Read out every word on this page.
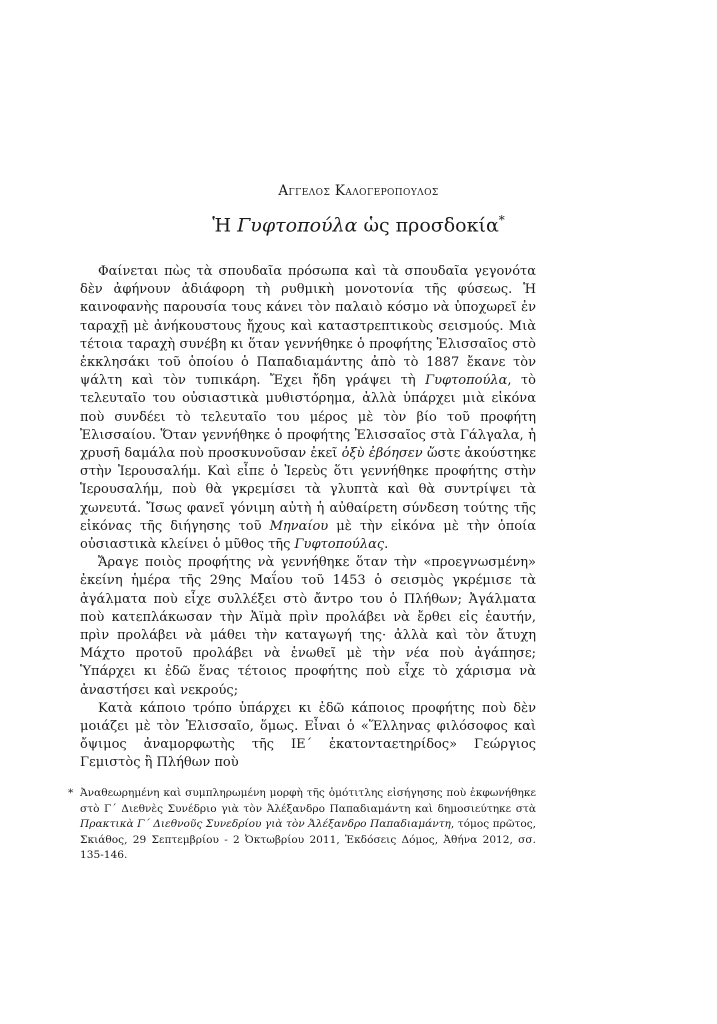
Αγγελος Καλογεροπουλος
Ἡ Γυφτοπούλα ὡς προσδοκία*

Φαίνεται πὼς τὰ σπουδαῖα πρόσωπα καὶ τὰ σπουδαῖα γεγονότα δὲν ἀφήνουν ἀδιάφορη τὴ ρυθμικὴ μονοτονία τῆς φύσεως. Ἡ καινοφανὴς παρουσία τους κάνει τὸν παλαιὸ κόσμο νὰ ὑποχωρεῖ ἐν ταραχῇ μὲ ἀνήκουστους ἤχους καὶ καταστρεπτικοὺς σεισμούς. Μιὰ τέτοια ταραχὴ συνέβη κι ὅταν γεννήθηκε ὁ προφήτης Ἐλισσαῖος στὸ ἐκκλησάκι τοῦ ὁποίου ὁ Παπαδιαμάντης ἀπὸ τὸ 1887 ἔκανε τὸν ψάλτη καὶ τὸν τυπικάρη. Ἔχει ἤδη γράψει τὴ Γυφτοπούλα, τὸ τελευταῖο του οὐσιαστικὰ μυθιστόρημα, ἀλλὰ ὑπάρχει μιὰ εἰκόνα ποὺ συνδέει τὸ τελευταῖο του μέρος μὲ τὸν βίο τοῦ προφήτη Ἐλισσαίου. Ὅταν γεννήθηκε ὁ προφήτης Ἐλισσαῖος στὰ Γάλγαλα, ἡ χρυσῆ δαμάλα ποὺ προσκυνοῦσαν ἐκεῖ ὀξὺ ἐβόησεν ὥστε ἀκούστηκε στὴν Ἱερουσαλήμ. Καὶ εἶπε ὁ Ἱερεὺς ὅτι γεννήθηκε προφήτης στὴν Ἱερουσαλήμ, ποὺ θὰ γκρεμίσει τὰ γλυπτὰ καὶ θὰ συντρίψει τὰ χωνευτά. Ἴσως φανεῖ γόνιμη αὐτὴ ἡ αὐθαίρετη σύνδεση τούτης τῆς εἰκόνας τῆς διήγησης τοῦ Μηναίου μὲ τὴν εἰκόνα μὲ τὴν ὁποία οὐσιαστικὰ κλείνει ὁ μῦθος τῆς Γυφτοπούλας.

Ἄραγε ποιὸς προφήτης νὰ γεννήθηκε ὅταν τὴν «προεγνωσμένη» ἐκείνη ἡμέρα τῆς 29ης Μαΐου τοῦ 1453 ὁ σεισμὸς γκρέμισε τὰ ἀγάλματα ποὺ εἶχε συλλέξει στὸ ἄντρο του ὁ Πλήθων; Ἀγάλματα ποὺ κατεπλάκωσαν τὴν Ἀϊμὰ πρὶν προλάβει νὰ ἔρθει εἰς ἑαυτήν, πρὶν προλάβει νὰ μάθει τὴν καταγωγή της· ἀλλὰ καὶ τὸν ἄτυχη Μάχτο προτοῦ προλάβει νὰ ἑνωθεῖ μὲ τὴν νέα ποὺ ἀγάπησε; Ὑπάρχει κι ἐδῶ ἕνας τέτοιος προφήτης ποὺ εἶχε τὸ χάρισμα νὰ ἀναστήσει καὶ νεκρούς;

Κατὰ κάποιο τρόπο ὑπάρχει κι ἐδῶ κάποιος προφήτης ποὺ δὲν μοιάζει μὲ τὸν Ἐλισσαῖο, ὅμως. Εἶναι ὁ «Ἕλληνας φιλόσοφος καὶ ὄψιμος ἀναμορφωτὴς τῆς ΙΕ΄ ἑκατονταετηρίδος» Γεώργιος Γεμιστὸς ἢ Πλήθων ποὺ

* Ἀναθεωρημένη καὶ συμπληρωμένη μορφὴ τῆς ὁμότιτλης εἰσήγησης ποὺ ἐκφωνήθηκε στὸ Γ΄ Διεθνὲς Συνέδριο γιὰ τὸν Ἀλέξανδρο Παπαδιαμάντη καὶ δημοσιεύτηκε στὰ Πρακτικὰ Γ΄ Διεθνοῦς Συνεδρίου γιὰ τὸν Ἀλέξανδρο Παπαδιαμάντη, τόμος πρῶτος, Σκιάθος, 29 Σεπτεμβρίου - 2 Ὀκτωβρίου 2011, Ἐκδόσεις Δόμος, Ἀθήνα 2012, σσ. 135-146.
